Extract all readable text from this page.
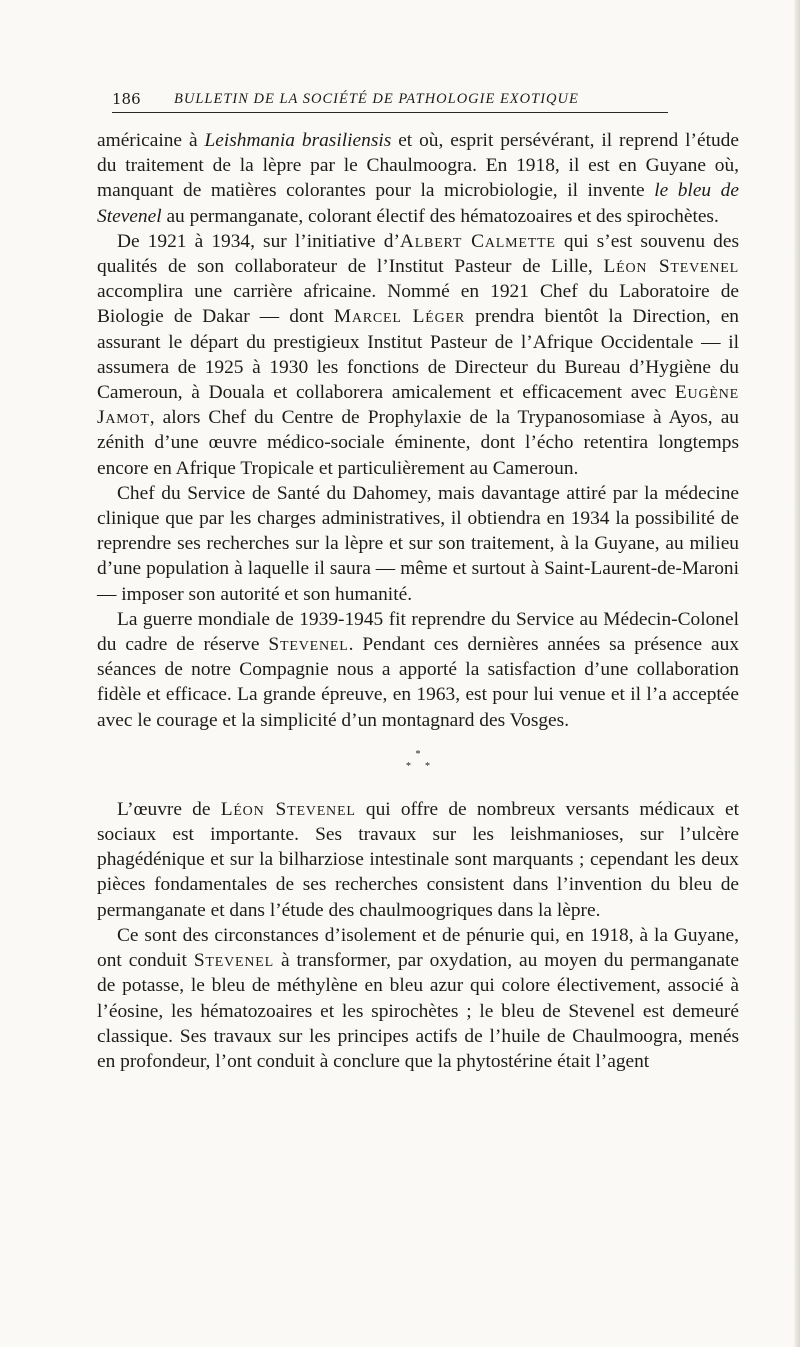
186 BULLETIN DE LA SOCIÉTÉ DE PATHOLOGIE EXOTIQUE

américaine à Leishmania brasiliensis et où, esprit persévérant, il reprend l’étude du traitement de la lèpre par le Chaulmoogra. En 1918, il est en Guyane où, manquant de matières colorantes pour la microbiologie, il invente le bleu de Stevenel au permanganate, colorant électif des hématozoaires et des spirochètes.

De 1921 à 1934, sur l’initiative d’Albert Calmette qui s’est souvenu des qualités de son collaborateur de l’Institut Pasteur de Lille, Léon Stevenel accomplira une carrière africaine. Nommé en 1921 Chef du Laboratoire de Biologie de Dakar — dont Marcel Léger prendra bientôt la Direction, en assurant le départ du prestigieux Institut Pasteur de l’Afrique Occidentale — il assumera de 1925 à 1930 les fonctions de Directeur du Bureau d’Hygiène du Cameroun, à Douala et collaborera amicalement et efficacement avec Eugène Jamot, alors Chef du Centre de Prophylaxie de la Trypanosomiase à Ayos, au zénith d’une œuvre médico-sociale éminente, dont l’écho retentira longtemps encore en Afrique Tropicale et particulièrement au Cameroun.

Chef du Service de Santé du Dahomey, mais davantage attiré par la médecine clinique que par les charges administratives, il obtiendra en 1934 la possibilité de reprendre ses recherches sur la lèpre et sur son traitement, à la Guyane, au milieu d’une population à laquelle il saura — même et surtout à Saint-Laurent-de-Maroni — imposer son autorité et son humanité.

La guerre mondiale de 1939-1945 fit reprendre du Service au Médecin-Colonel du cadre de réserve Stevenel. Pendant ces dernières années sa présence aux séances de notre Compagnie nous a apporté la satisfaction d’une collaboration fidèle et efficace. La grande épreuve, en 1963, est pour lui venue et il l’a acceptée avec le courage et la simplicité d’un montagnard des Vosges.

*
* *

L’œuvre de Léon Stevenel qui offre de nombreux versants médicaux et sociaux est importante. Ses travaux sur les leishmanioses, sur l’ulcère phagédénique et sur la bilharziose intestinale sont marquants ; cependant les deux pièces fondamentales de ses recherches consistent dans l’invention du bleu de permanganate et dans l’étude des chaulmoogriques dans la lèpre.

Ce sont des circonstances d’isolement et de pénurie qui, en 1918, à la Guyane, ont conduit Stevenel à transformer, par oxydation, au moyen du permanganate de potasse, le bleu de méthylène en bleu azur qui colore électivement, associé à l’éosine, les hématozoaires et les spirochètes ; le bleu de Stevenel est demeuré classique. Ses travaux sur les principes actifs de l’huile de Chaulmoogra, menés en profondeur, l’ont conduit à conclure que la phytostérine était l’agent
